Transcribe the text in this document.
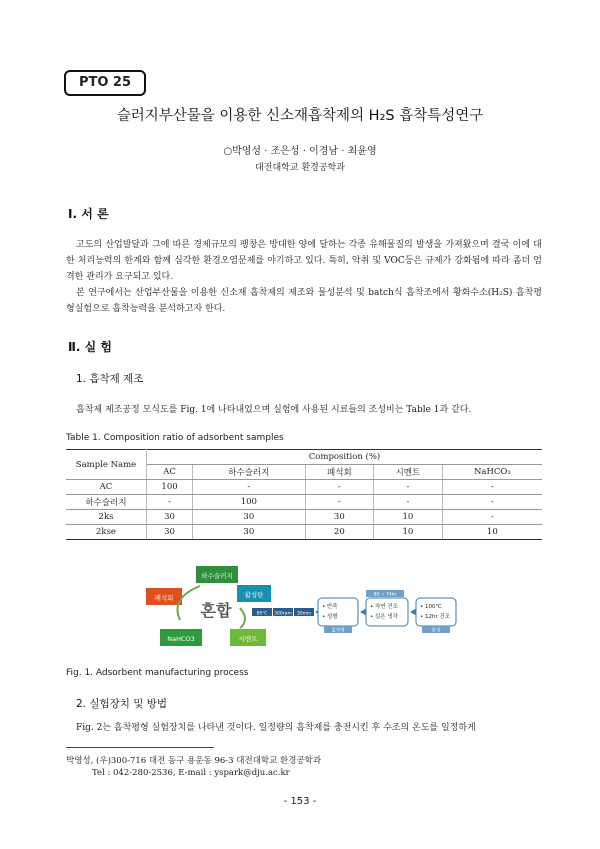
PTO 25
슬러지부산물을 이용한 신소재흡착제의 H₂S 흡착특성연구
○박영성 · 조은성 · 이경남 · 최윤영
대전대학교 환경공학과
Ⅰ. 서 론
고도의 산업발달과 그에 따른 경제규모의 팽창은 방대한 양에 달하는 각종 유해물질의 발생을 가져왔으며 결국 이에 대한 처리능력의 한계와 함께 심각한 환경오염문제를 야기하고 있다. 특히, 악취 및 VOC등은 규제가 강화됨에 따라 좀더 엄격한 관리가 요구되고 있다.
본 연구에서는 산업부산물을 이용한 신소재 흡착제의 제조와 물성분석 및 batch식 흡착조에서 황화수소(H₂S) 흡착평형실험으로 흡착능력을 분석하고자 한다.
Ⅱ. 실 험
1. 흡착제 제조
흡착제 제조공정 모식도를 Fig. 1에 나타내었으며 실험에 사용된 시료들의 조성비는 Table 1과 같다.
Table 1. Composition ratio of adsorbent samples
Sample Name	Composition (%)				
	AC	하수슬러지	폐석회	시멘트	NaHCO₃
AC	100	-	-	-	-
하수슬러지	-	100	-	-	-
2ks	30	30	30	10	-
2kse	30	30	20	10	10
하수슬러지
활성탄
폐석회
NaHCO3	시멘트
혼합	80℃ 300rpm 30min
• 반죽
• 성형
흡착제
60 ~ 74hr
• 자연 건조
• 실온 냉각
• 100℃
• 12hr 건조
완성
Fig. 1. Adsorbent manufacturing process
2. 실험장치 및 방법
Fig. 2는 흡착평형 실험장치를 나타낸 것이다. 일정량의 흡착제를 충전시킨 후 수조의 온도를 일정하게
박영성, (우)300-716 대전 동구 용운동 96-3 대전대학교 환경공학과
Tel : 042-280-2536, E-mail : yspark@dju.ac.kr
- 153 -
